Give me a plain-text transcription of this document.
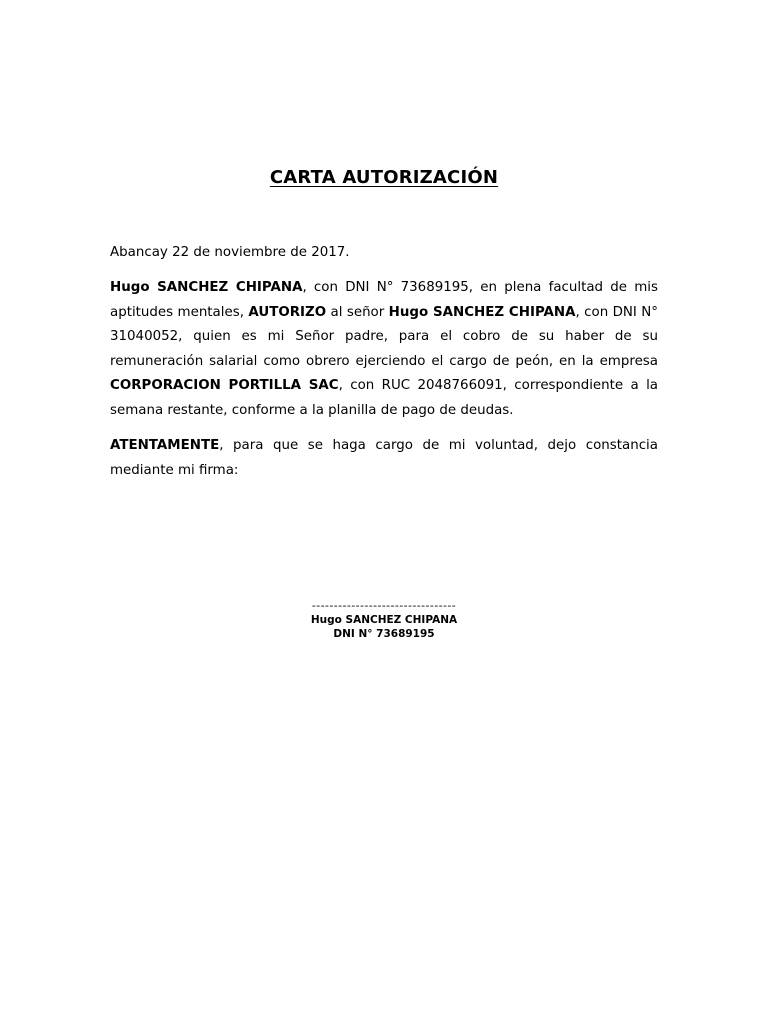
CARTA AUTORIZACIÓN
Abancay 22 de noviembre de 2017.
Hugo SANCHEZ CHIPANA, con DNI N° 73689195, en plena facultad de mis aptitudes mentales, AUTORIZO al señor Hugo SANCHEZ CHIPANA, con DNI N° 31040052, quien es mi Señor padre, para el cobro de su haber de su remuneración salarial como obrero ejerciendo el cargo de peón, en la empresa CORPORACION PORTILLA SAC, con RUC 2048766091, correspondiente a la semana restante, conforme a la planilla de pago de deudas.
ATENTAMENTE, para que se haga cargo de mi voluntad, dejo constancia mediante mi firma:
---------------------------------
Hugo SANCHEZ CHIPANA
DNI N° 73689195
